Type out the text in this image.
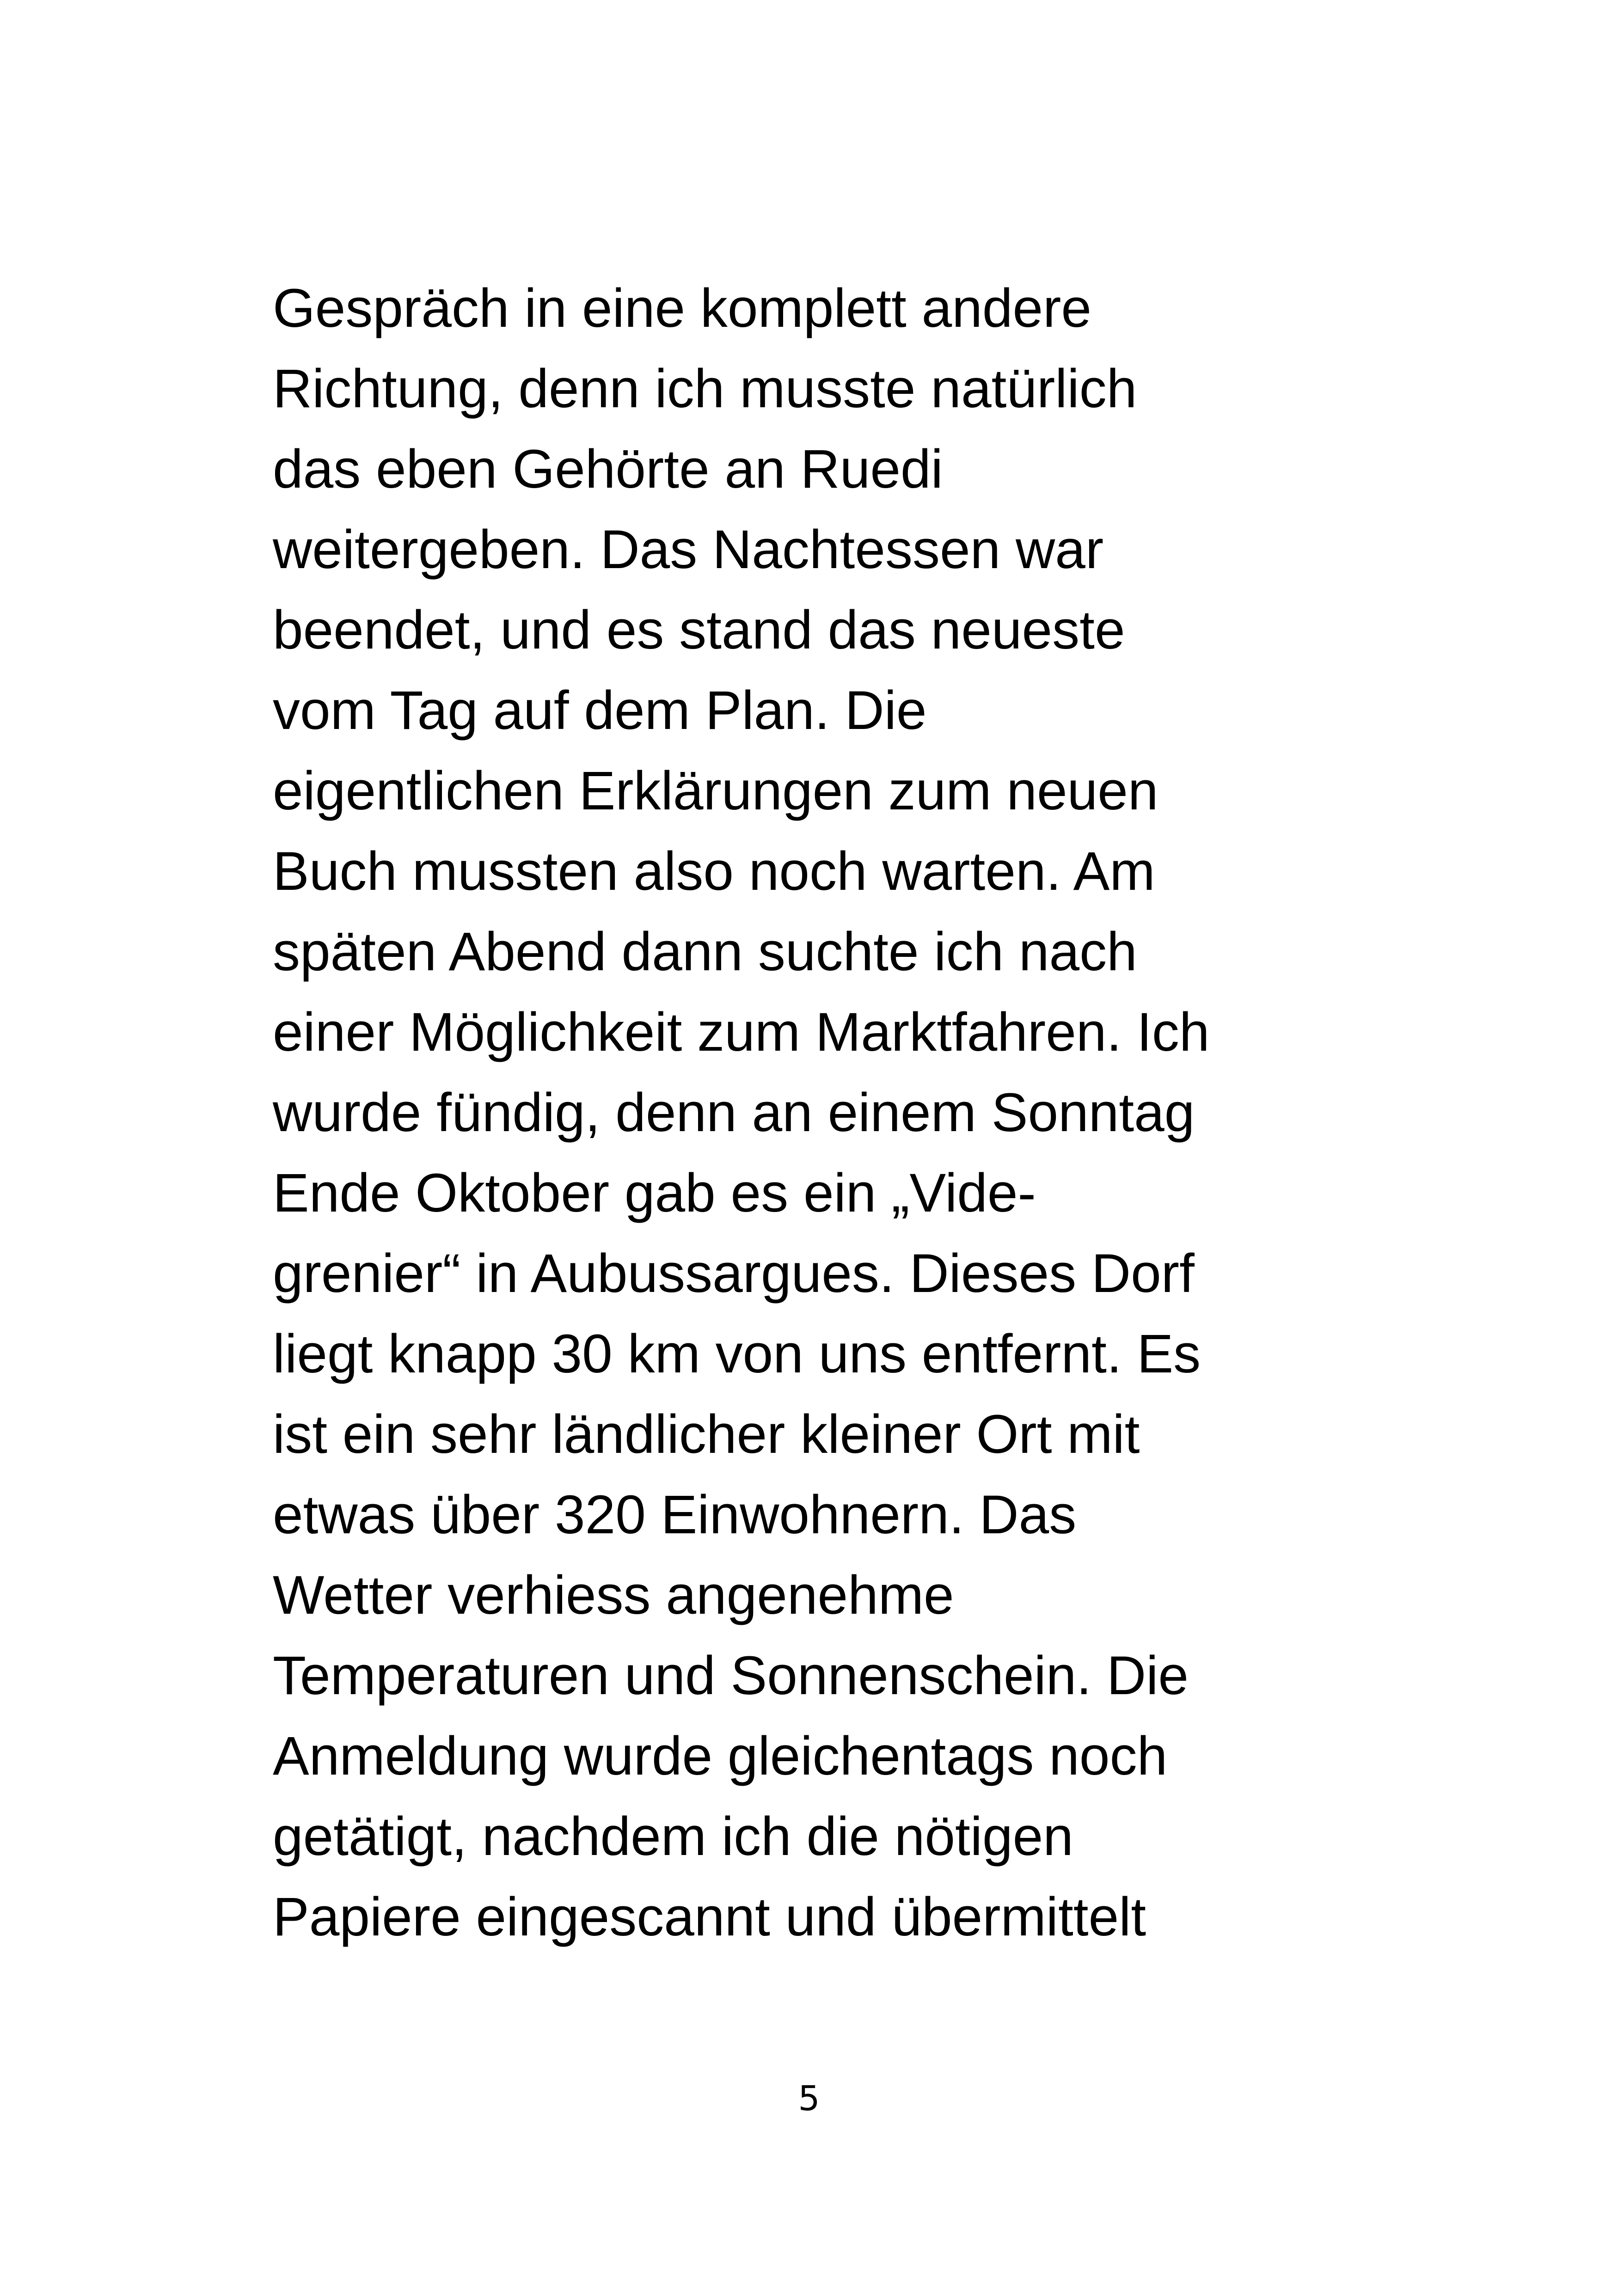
Gespräch in eine komplett andere
Richtung, denn ich musste natürlich
das eben Gehörte an Ruedi
weitergeben. Das Nachtessen war
beendet, und es stand das neueste
vom Tag auf dem Plan. Die
eigentlichen Erklärungen zum neuen
Buch mussten also noch warten. Am
späten Abend dann suchte ich nach
einer Möglichkeit zum Marktfahren. Ich
wurde fündig, denn an einem Sonntag
Ende Oktober gab es ein „Vide-
grenier“ in Aubussargues. Dieses Dorf
liegt knapp 30 km von uns entfernt. Es
ist ein sehr ländlicher kleiner Ort mit
etwas über 320 Einwohnern. Das
Wetter verhiess angenehme
Temperaturen und Sonnenschein. Die
Anmeldung wurde gleichentags noch
getätigt, nachdem ich die nötigen
Papiere eingescannt und übermittelt
5
